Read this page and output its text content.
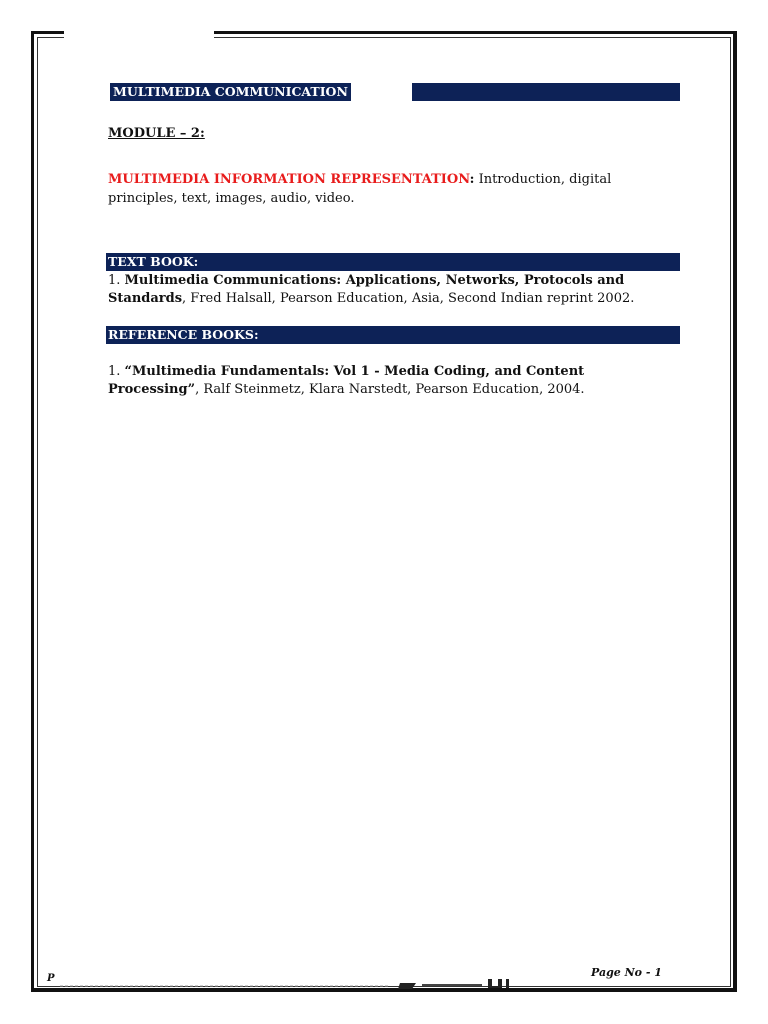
MULTIMEDIA COMMUNICATION
MODULE – 2:
MULTIMEDIA INFORMATION REPRESENTATION: Introduction, digital principles, text, images, audio, video.
TEXT BOOK:
1. Multimedia Communications: Applications, Networks, Protocols and Standards, Fred Halsall, Pearson Education, Asia, Second Indian reprint 2002.
REFERENCE BOOKS:
1. “Multimedia Fundamentals: Vol 1 - Media Coding, and Content Processing”, Ralf Steinmetz, Klara Narstedt, Pearson Education, 2004.
P	Page No - 1
